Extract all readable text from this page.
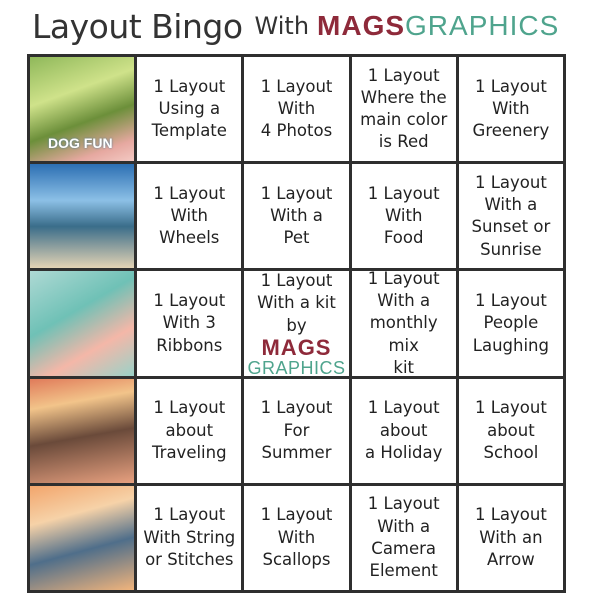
Layout Bingo With MAGS GRAPHICS
DOG FUN
1 Layout
Using a
Template
1 Layout
With
4 Photos
1 Layout
Where the
main color
is Red
1 Layout
With
Greenery
1 Layout
With
Wheels
1 Layout
With a
Pet
1 Layout
With
Food
1 Layout
With a
Sunset or
Sunrise
1 Layout
With 3
Ribbons
1 Layout
With a kit by
MAGS
GRAPHICS
1 Layout
With a
monthly mix
kit
1 Layout
People
Laughing
1 Layout
about
Traveling
1 Layout
For
Summer
1 Layout
about
a Holiday
1 Layout
about
School
1 Layout
With String
or Stitches
1 Layout
With
Scallops
1 Layout
With a
Camera
Element
1 Layout
With an
Arrow
